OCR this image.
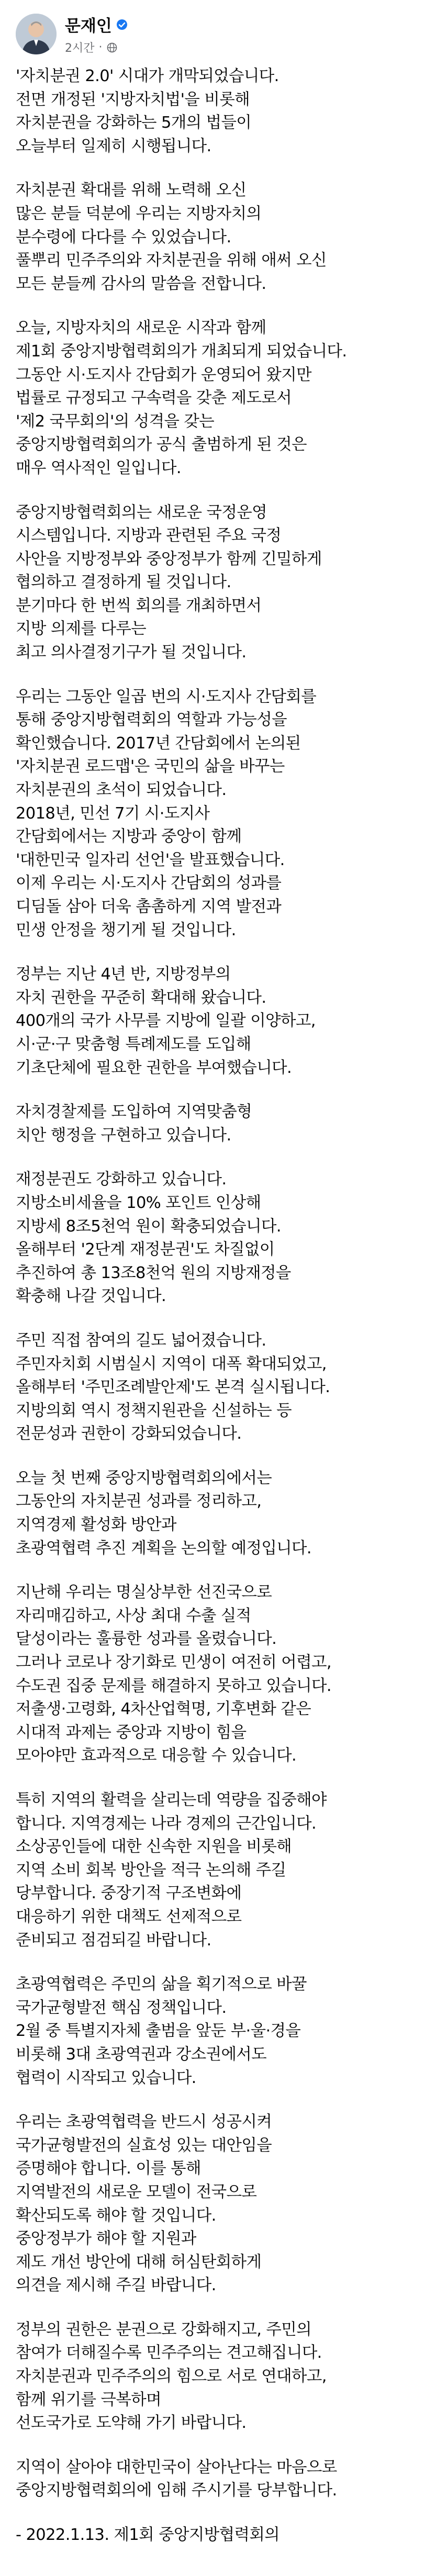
문재인
2시간 ·
'자치분권 2.0' 시대가 개막되었습니다.
전면 개정된 '지방자치법'을 비롯해
자치분권을 강화하는 5개의 법들이
오늘부터 일제히 시행됩니다.
자치분권 확대를 위해 노력해 오신
많은 분들 덕분에 우리는 지방자치의
분수령에 다다를 수 있었습니다.
풀뿌리 민주주의와 자치분권을 위해 애써 오신
모든 분들께 감사의 말씀을 전합니다.
오늘, 지방자치의 새로운 시작과 함께
제1회 중앙지방협력회의가 개최되게 되었습니다.
그동안 시·도지사 간담회가 운영되어 왔지만
법률로 규정되고 구속력을 갖춘 제도로서
'제2 국무회의'의 성격을 갖는
중앙지방협력회의가 공식 출범하게 된 것은
매우 역사적인 일입니다.
중앙지방협력회의는 새로운 국정운영
시스템입니다. 지방과 관련된 주요 국정
사안을 지방정부와 중앙정부가 함께 긴밀하게
협의하고 결정하게 될 것입니다.
분기마다 한 번씩 회의를 개최하면서
지방 의제를 다루는
최고 의사결정기구가 될 것입니다.
우리는 그동안 일곱 번의 시·도지사 간담회를
통해 중앙지방협력회의 역할과 가능성을
확인했습니다. 2017년 간담회에서 논의된
'자치분권 로드맵'은 국민의 삶을 바꾸는
자치분권의 초석이 되었습니다.
2018년, 민선 7기 시·도지사
간담회에서는 지방과 중앙이 함께
'대한민국 일자리 선언'을 발표했습니다.
이제 우리는 시·도지사 간담회의 성과를
디딤돌 삼아 더욱 촘촘하게 지역 발전과
민생 안정을 챙기게 될 것입니다.
정부는 지난 4년 반, 지방정부의
자치 권한을 꾸준히 확대해 왔습니다.
400개의 국가 사무를 지방에 일괄 이양하고,
시·군·구 맞춤형 특례제도를 도입해
기초단체에 필요한 권한을 부여했습니다.
자치경찰제를 도입하여 지역맞춤형
치안 행정을 구현하고 있습니다.
재정분권도 강화하고 있습니다.
지방소비세율을 10% 포인트 인상해
지방세 8조5천억 원이 확충되었습니다.
올해부터 '2단계 재정분권'도 차질없이
추진하여 총 13조8천억 원의 지방재정을
확충해 나갈 것입니다.
주민 직접 참여의 길도 넓어졌습니다.
주민자치회 시범실시 지역이 대폭 확대되었고,
올해부터 '주민조례발안제'도 본격 실시됩니다.
지방의회 역시 정책지원관을 신설하는 등
전문성과 권한이 강화되었습니다.
오늘 첫 번째 중앙지방협력회의에서는
그동안의 자치분권 성과를 정리하고,
지역경제 활성화 방안과
초광역협력 추진 계획을 논의할 예정입니다.
지난해 우리는 명실상부한 선진국으로
자리매김하고, 사상 최대 수출 실적
달성이라는 훌륭한 성과를 올렸습니다.
그러나 코로나 장기화로 민생이 여전히 어렵고,
수도권 집중 문제를 해결하지 못하고 있습니다.
저출생·고령화, 4차산업혁명, 기후변화 같은
시대적 과제는 중앙과 지방이 힘을
모아야만 효과적으로 대응할 수 있습니다.
특히 지역의 활력을 살리는데 역량을 집중해야
합니다. 지역경제는 나라 경제의 근간입니다.
소상공인들에 대한 신속한 지원을 비롯해
지역 소비 회복 방안을 적극 논의해 주길
당부합니다. 중장기적 구조변화에
대응하기 위한 대책도 선제적으로
준비되고 점검되길 바랍니다.
초광역협력은 주민의 삶을 획기적으로 바꿀
국가균형발전 핵심 정책입니다.
2월 중 특별지자체 출범을 앞둔 부·울·경을
비롯해 3대 초광역권과 강소권에서도
협력이 시작되고 있습니다.
우리는 초광역협력을 반드시 성공시켜
국가균형발전의 실효성 있는 대안임을
증명해야 합니다. 이를 통해
지역발전의 새로운 모델이 전국으로
확산되도록 해야 할 것입니다.
중앙정부가 해야 할 지원과
제도 개선 방안에 대해 허심탄회하게
의견을 제시해 주길 바랍니다.
정부의 권한은 분권으로 강화해지고, 주민의
참여가 더해질수록 민주주의는 견고해집니다.
자치분권과 민주주의의 힘으로 서로 연대하고,
함께 위기를 극복하며
선도국가로 도약해 가기 바랍니다.
지역이 살아야 대한민국이 살아난다는 마음으로
중앙지방협력회의에 임해 주시기를 당부합니다.
- 2022.1.13. 제1회 중앙지방협력회의
